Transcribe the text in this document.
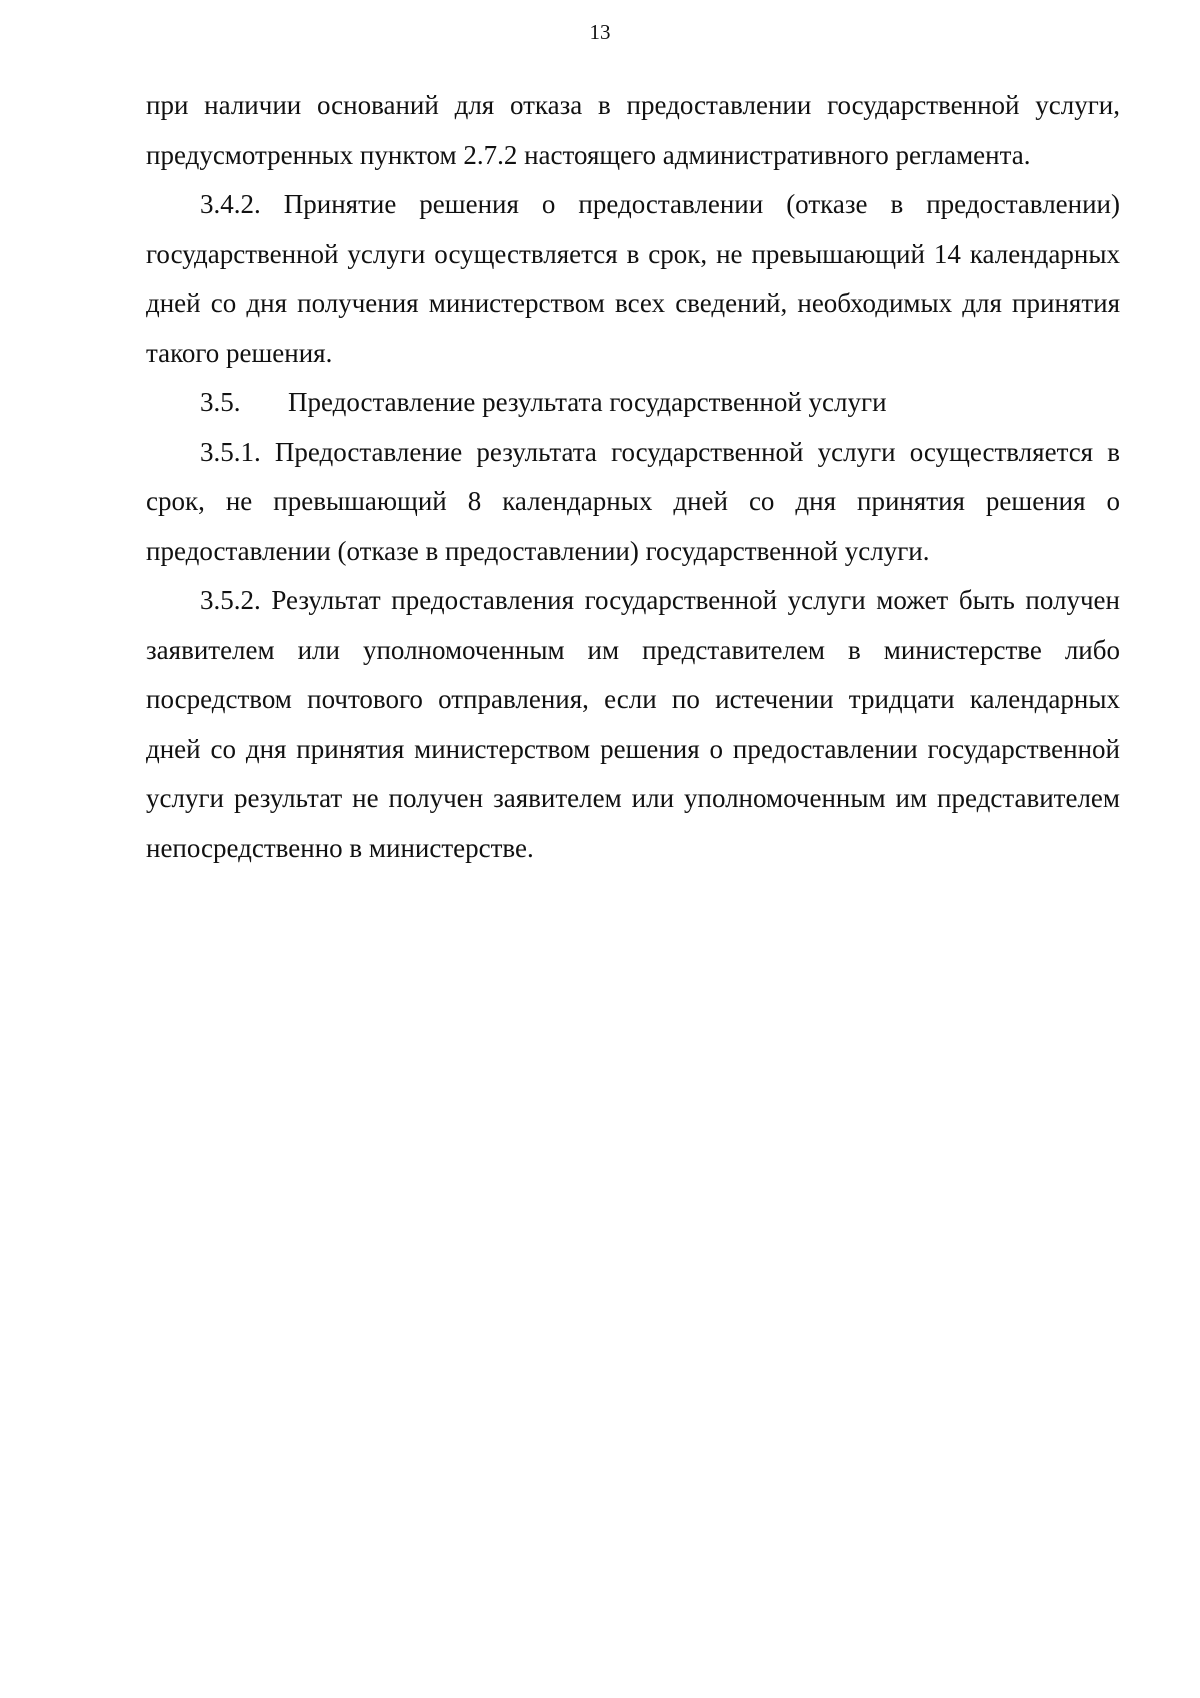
13

при наличии оснований для отказа в предоставлении государственной услуги, предусмотренных пунктом 2.7.2 настоящего административного регламента.

3.4.2. Принятие решения о предоставлении (отказе в предоставлении) государственной услуги осуществляется в срок, не превышающий 14 календарных дней со дня получения министерством всех сведений, необходимых для принятия такого решения.

3.5. Предоставление результата государственной услуги

3.5.1. Предоставление результата государственной услуги осуществляется в срок, не превышающий 8 календарных дней со дня принятия решения о предоставлении (отказе в предоставлении) государственной услуги.

3.5.2. Результат предоставления государственной услуги может быть получен заявителем или уполномоченным им представителем в министерстве либо посредством почтового отправления, если по истечении тридцати календарных дней со дня принятия министерством решения о предоставлении государственной услуги результат не получен заявителем или уполномоченным им представителем непосредственно в министерстве.
